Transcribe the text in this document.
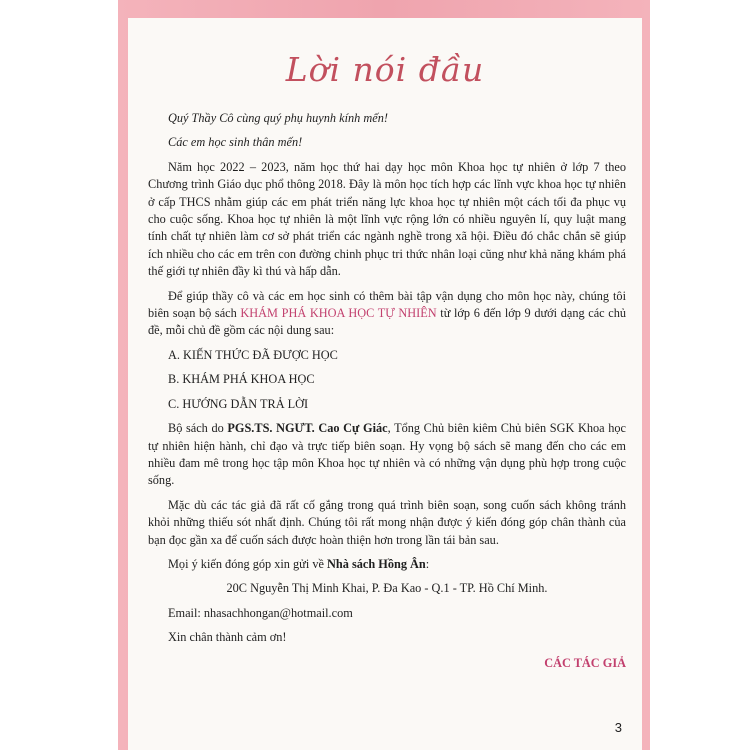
Lời nói đầu

Quý Thầy Cô cùng quý phụ huynh kính mến!

Các em học sinh thân mến!

Năm học 2022 – 2023, năm học thứ hai dạy học môn Khoa học tự nhiên ở lớp 7 theo Chương trình Giáo dục phổ thông 2018. Đây là môn học tích hợp các lĩnh vực khoa học tự nhiên ở cấp THCS nhằm giúp các em phát triển năng lực khoa học tự nhiên một cách tối đa phục vụ cho cuộc sống. Khoa học tự nhiên là một lĩnh vực rộng lớn có nhiều nguyên lí, quy luật mang tính chất tự nhiên làm cơ sở phát triển các ngành nghề trong xã hội. Điều đó chắc chắn sẽ giúp ích nhiều cho các em trên con đường chinh phục tri thức nhân loại cũng như khả năng khám phá thế giới tự nhiên đầy kì thú và hấp dẫn.

Để giúp thầy cô và các em học sinh có thêm bài tập vận dụng cho môn học này, chúng tôi biên soạn bộ sách KHÁM PHÁ KHOA HỌC TỰ NHIÊN từ lớp 6 đến lớp 9 dưới dạng các chủ đề, mỗi chủ đề gồm các nội dung sau:

A. KIẾN THỨC ĐÃ ĐƯỢC HỌC

B. KHÁM PHÁ KHOA HỌC

C. HƯỚNG DẪN TRẢ LỜI

Bộ sách do PGS.TS. NGƯT. Cao Cự Giác, Tổng Chủ biên kiêm Chủ biên SGK Khoa học tự nhiên hiện hành, chỉ đạo và trực tiếp biên soạn. Hy vọng bộ sách sẽ mang đến cho các em nhiều đam mê trong học tập môn Khoa học tự nhiên và có những vận dụng phù hợp trong cuộc sống.

Mặc dù các tác giả đã rất cố gắng trong quá trình biên soạn, song cuốn sách không tránh khỏi những thiếu sót nhất định. Chúng tôi rất mong nhận được ý kiến đóng góp chân thành của bạn đọc gần xa để cuốn sách được hoàn thiện hơn trong lần tái bản sau.

Mọi ý kiến đóng góp xin gửi về Nhà sách Hồng Ân:

20C Nguyễn Thị Minh Khai, P. Đa Kao - Q.1 - TP. Hồ Chí Minh.

Email: nhasachhongan@hotmail.com

Xin chân thành cảm ơn!

CÁC TÁC GIẢ

3
